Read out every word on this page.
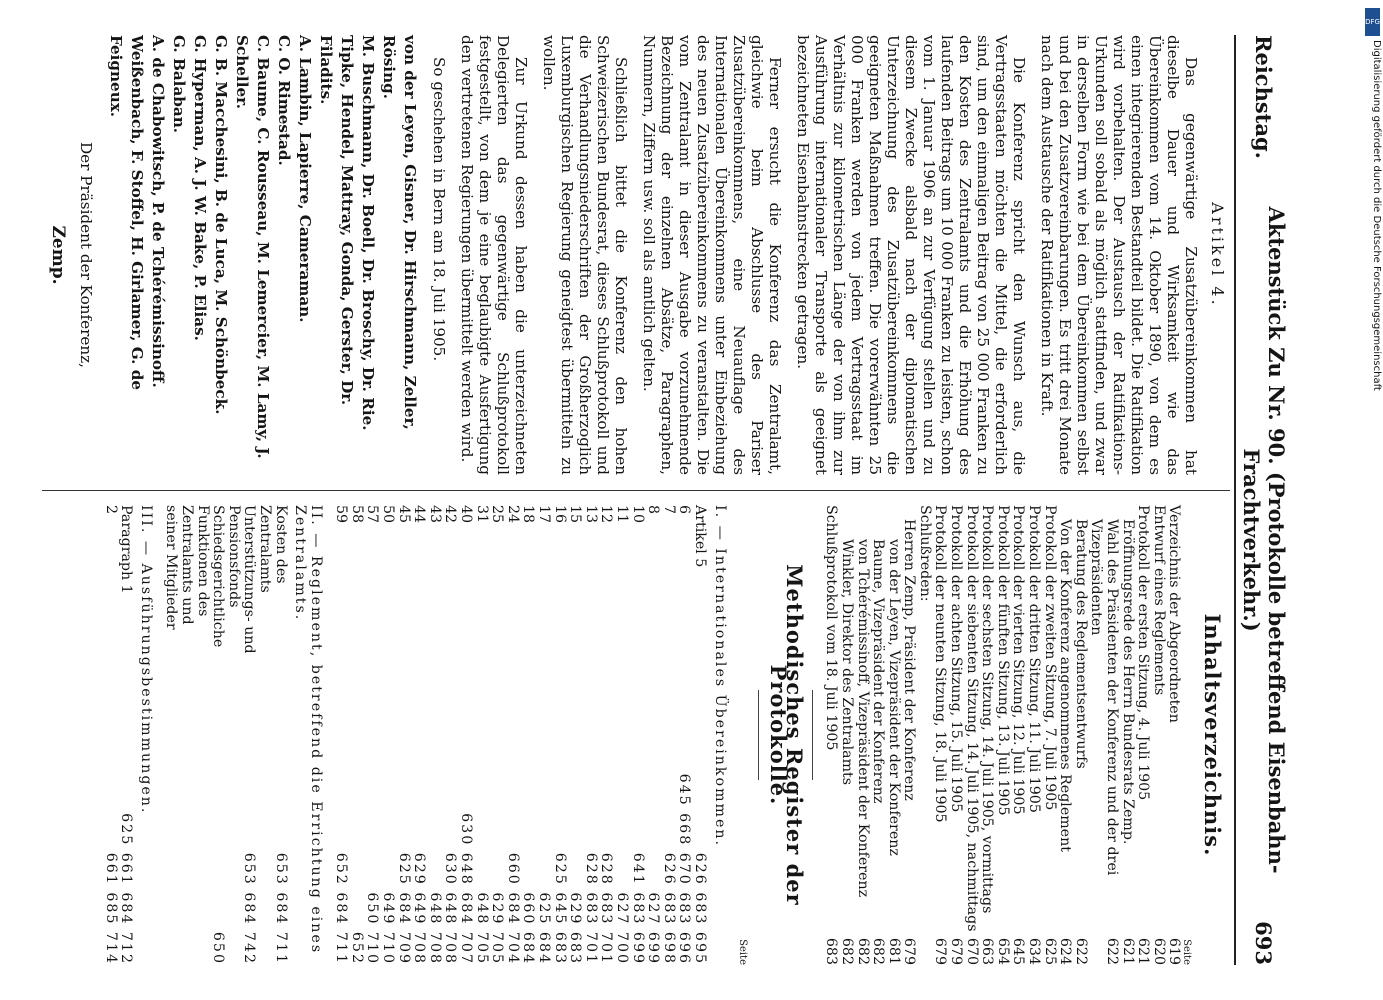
Reichstag.
Aktenstück Zu Nr. 90. (Protokolle betreffend Eisenbahn-Frachtverkehr.)
693
Artikel 4.

Das gegenwärtige Zusatzübereinkommen hat dieselbe Dauer und Wirksamkeit wie das Übereinkommen vom 14. Oktober 1890, von dem es einen integrierenden Bestandteil bildet. Die Ratifikation wird vorbehalten. Der Austausch der Ratifikations-Urkunden soll sobald als möglich stattfinden, und zwar in derselben Form wie bei dem Übereinkommen selbst und bei den Zusatzvereinbarungen. Es tritt drei Monate nach dem Austausche der Ratifikationen in Kraft.

Die Konferenz spricht den Wunsch aus, die Vertragsstaaten möchten die Mittel, die erforderlich sind, um den einmaligen Beitrag von 25 000 Franken zu den Kosten des Zentralamts und die Erhöhung des laufenden Beitrags um 10 000 Franken zu leisten, schon vom 1. Januar 1906 an zur Verfügung stellen und zu diesem Zwecke alsbald nach der diplomatischen Unterzeichnung des Zusatzübereinkommens die geeigneten Maßnahmen treffen. Die vorerwähnten 25 000 Franken werden von jedem Vertragsstaat im Verhältnis zur kilometrischen Länge der von ihm zur Ausführung internationaler Transporte als geeignet bezeichneten Eisenbahnstrecken getragen.

Ferner ersucht die Konferenz das Zentralamt, gleichwie beim Abschlusse des Pariser Zusatzübereinkommens, eine Neuauflage des Internationalen Übereinkommens unter Einbeziehung des neuen Zusatzübereinkommens zu veranstalten. Die vom Zentralamt in dieser Ausgabe vorzunehmende Bezeichnung der einzelnen Absätze, Paragraphen, Nummern, Ziffern usw. soll als amtlich gelten.

Schließlich bittet die Konferenz den hohen Schweizerischen Bundesrat, dieses Schlußprotokoll und die Verhandlungsniederschriften der Großherzoglich Luxemburgischen Regierung geneigtest übermitteln zu wollen.

Zur Urkund dessen haben die unterzeichneten Delegierten das gegenwärtige Schlußprotokoll festgestellt, von dem je eine beglaubigte Ausfertigung den vertretenen Regierungen übermittelt werden wird.

So geschehen in Bern am 18. Juli 1905.

von der Leyen, Gisner, Dr. Hirschmann, Zeller, Rösing.

M. Buschmann, Dr. Boell, Dr. Broschy, Dr. Rie.

Tipke, Hendel, Mattray, Gonda, Gerster, Dr. Filadits.

A. Lambin, Lapierre, Cameraman.

C. O. Rimestad.

C. Baume, C. Rousseau, M. Lemercier, M. Lamy, J. Scheller.

G. B. Macchesini, B. de Luca, M. Schönbeck.

G. Hyperman, A. J. W. Bake, P. Elias.

G. Balaban.

A. de Chabowitsch, P. de Tchérémissinoff.

Weißenbach, F. Stoffel, H. Girlamer, G. de Feigneux.

Der Präsident der Konferenz,

Zemp.
Inhaltsverzeichnis.
Seite
Verzeichnis der Abgeordneten
619
Entwurf eines Reglements
620
Protokoll der ersten Sitzung, 4. Juli 1905
621
Eröffnungsrede des Herrn Bundesrats Zemp.
621
Wahl des Präsidenten der Konferenz und der drei Vizepräsidenten
622
Beratung des Reglementsentwurfs
622
Von der Konferenz angenommenes Reglement
624
Protokoll der zweiten Sitzung, 7. Juli 1905
625
Protokoll der dritten Sitzung, 11. Juli 1905
634
Protokoll der vierten Sitzung, 12. Juli 1905
645
Protokoll der fünften Sitzung, 13. Juli 1905
654
Protokoll der sechsten Sitzung, 14. Juli 1905, vormittags
663
Protokoll der siebenten Sitzung, 14. Juli 1905, nachmittags
670
Protokoll der achten Sitzung, 15. Juli 1905
679
Protokoll der neunten Sitzung, 18. Juli 1905
679
Schlußreden:
Herren Zemp, Präsident der Konferenz
679
von der Leyen, Vizepräsident der Konferenz
681
Baume, Vizepräsident der Konferenz
682
von Tchérémissinoff, Vizepräsident der Konferenz
682
Winkler, Direktor des Zentralamts
682
Schlußprotokoll vom 18. Juli 1905
683
Methodisches Register der Protokolle.
Seite
I. — Internationales Übereinkommen.
Artikel 5
626 683 695
6
645 668 670 683 696
7
626 683 698
8
627 699
10
641 683 699
11
627 700
12
628 683 701
13
628 683 701
15
629 683
16
625 645 683
17
625 684
18
660 684
24
660 684 704
25
629 705
31
648 705
40
630 648 684 707
42
630 648 708
43
648 708
44
629 649 708
45
625 684 709
50
649 710
57
650 710
58
652
59
652 684 711
II. — Reglement, betreffend die Errichtung eines Zentralamts.
Kosten des Zentralamts
653 684 711
Unterstützungs- und Pensionsfonds
653 684 742
Schiedsgerichtliche Funktionen des Zentralamts und seiner Mitglieder
650
III. — Ausführungsbestimmungen.
Paragraph 1
625 661 684 712
2
661 685 714
DFG
Digitalisierung gefördert durch die Deutsche Forschungsgemeinschaft
